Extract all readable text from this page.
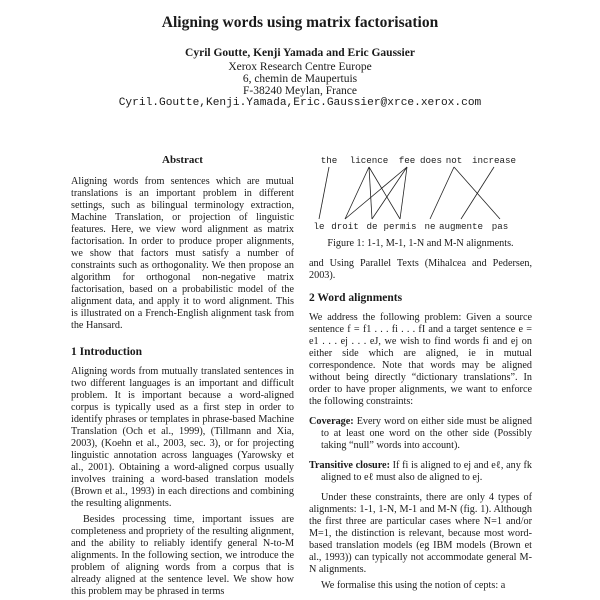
Aligning words using matrix factorisation
Cyril Goutte, Kenji Yamada and Eric Gaussier
Xerox Research Centre Europe
6, chemin de Maupertuis
F-38240 Meylan, France
Cyril.Goutte,Kenji.Yamada,Eric.Gaussier@xrce.xerox.com
Abstract

Aligning words from sentences which are mutual translations is an important problem in different settings, such as bilingual terminology extraction, Machine Translation, or projection of linguistic features. Here, we view word alignment as matrix factorisation. In order to produce proper alignments, we show that factors must satisfy a number of constraints such as orthogonality. We then propose an algorithm for orthogonal non-negative matrix factorisation, based on a probabilistic model of the alignment data, and apply it to word alignment. This is illustrated on a French-English alignment task from the Hansard.

1 Introduction

Aligning words from mutually translated sentences in two different languages is an important and difficult problem. It is important because a word-aligned corpus is typically used as a first step in order to identify phrases or templates in phrase-based Machine Translation (Och et al., 1999), (Tillmann and Xia, 2003), (Koehn et al., 2003, sec. 3), or for projecting linguistic annotation across languages (Yarowsky et al., 2001). Obtaining a word-aligned corpus usually involves training a word-based translation models (Brown et al., 1993) in each directions and combining the resulting alignments.

Besides processing time, important issues are completeness and propriety of the resulting alignment, and the ability to reliably identify general N-to-M alignments. In the following section, we introduce the problem of aligning words from a corpus that is already aligned at the sentence level. We show how this problem may be phrased in terms

the licence fee does not increase
le droit de permis ne augmente pas
Figure 1: 1-1, M-1, 1-N and M-N alignments.

and Using Parallel Texts (Mihalcea and Pedersen, 2003).

2 Word alignments

We address the following problem: Given a source sentence f = f1 . . . fi . . . fI and a target sentence e = e1 . . . ej . . . eJ, we wish to find words fi and ej on either side which are aligned, ie in mutual correspondence. Note that words may be aligned without being directly “dictionary translations”. In order to have proper alignments, we want to enforce the following constraints:

Coverage: Every word on either side must be aligned to at least one word on the other side (Possibly taking “null” words into account).

Transitive closure: If fi is aligned to ej and eℓ, any fk aligned to eℓ must also de aligned to ej.

Under these constraints, there are only 4 types of alignments: 1-1, 1-N, M-1 and M-N (fig. 1). Although the first three are particular cases where N=1 and/or M=1, the distinction is relevant, because most word-based translation models (eg IBM models (Brown et al., 1993)) can typically not accommodate general M-N alignments.

We formalise this using the notion of cepts: a
